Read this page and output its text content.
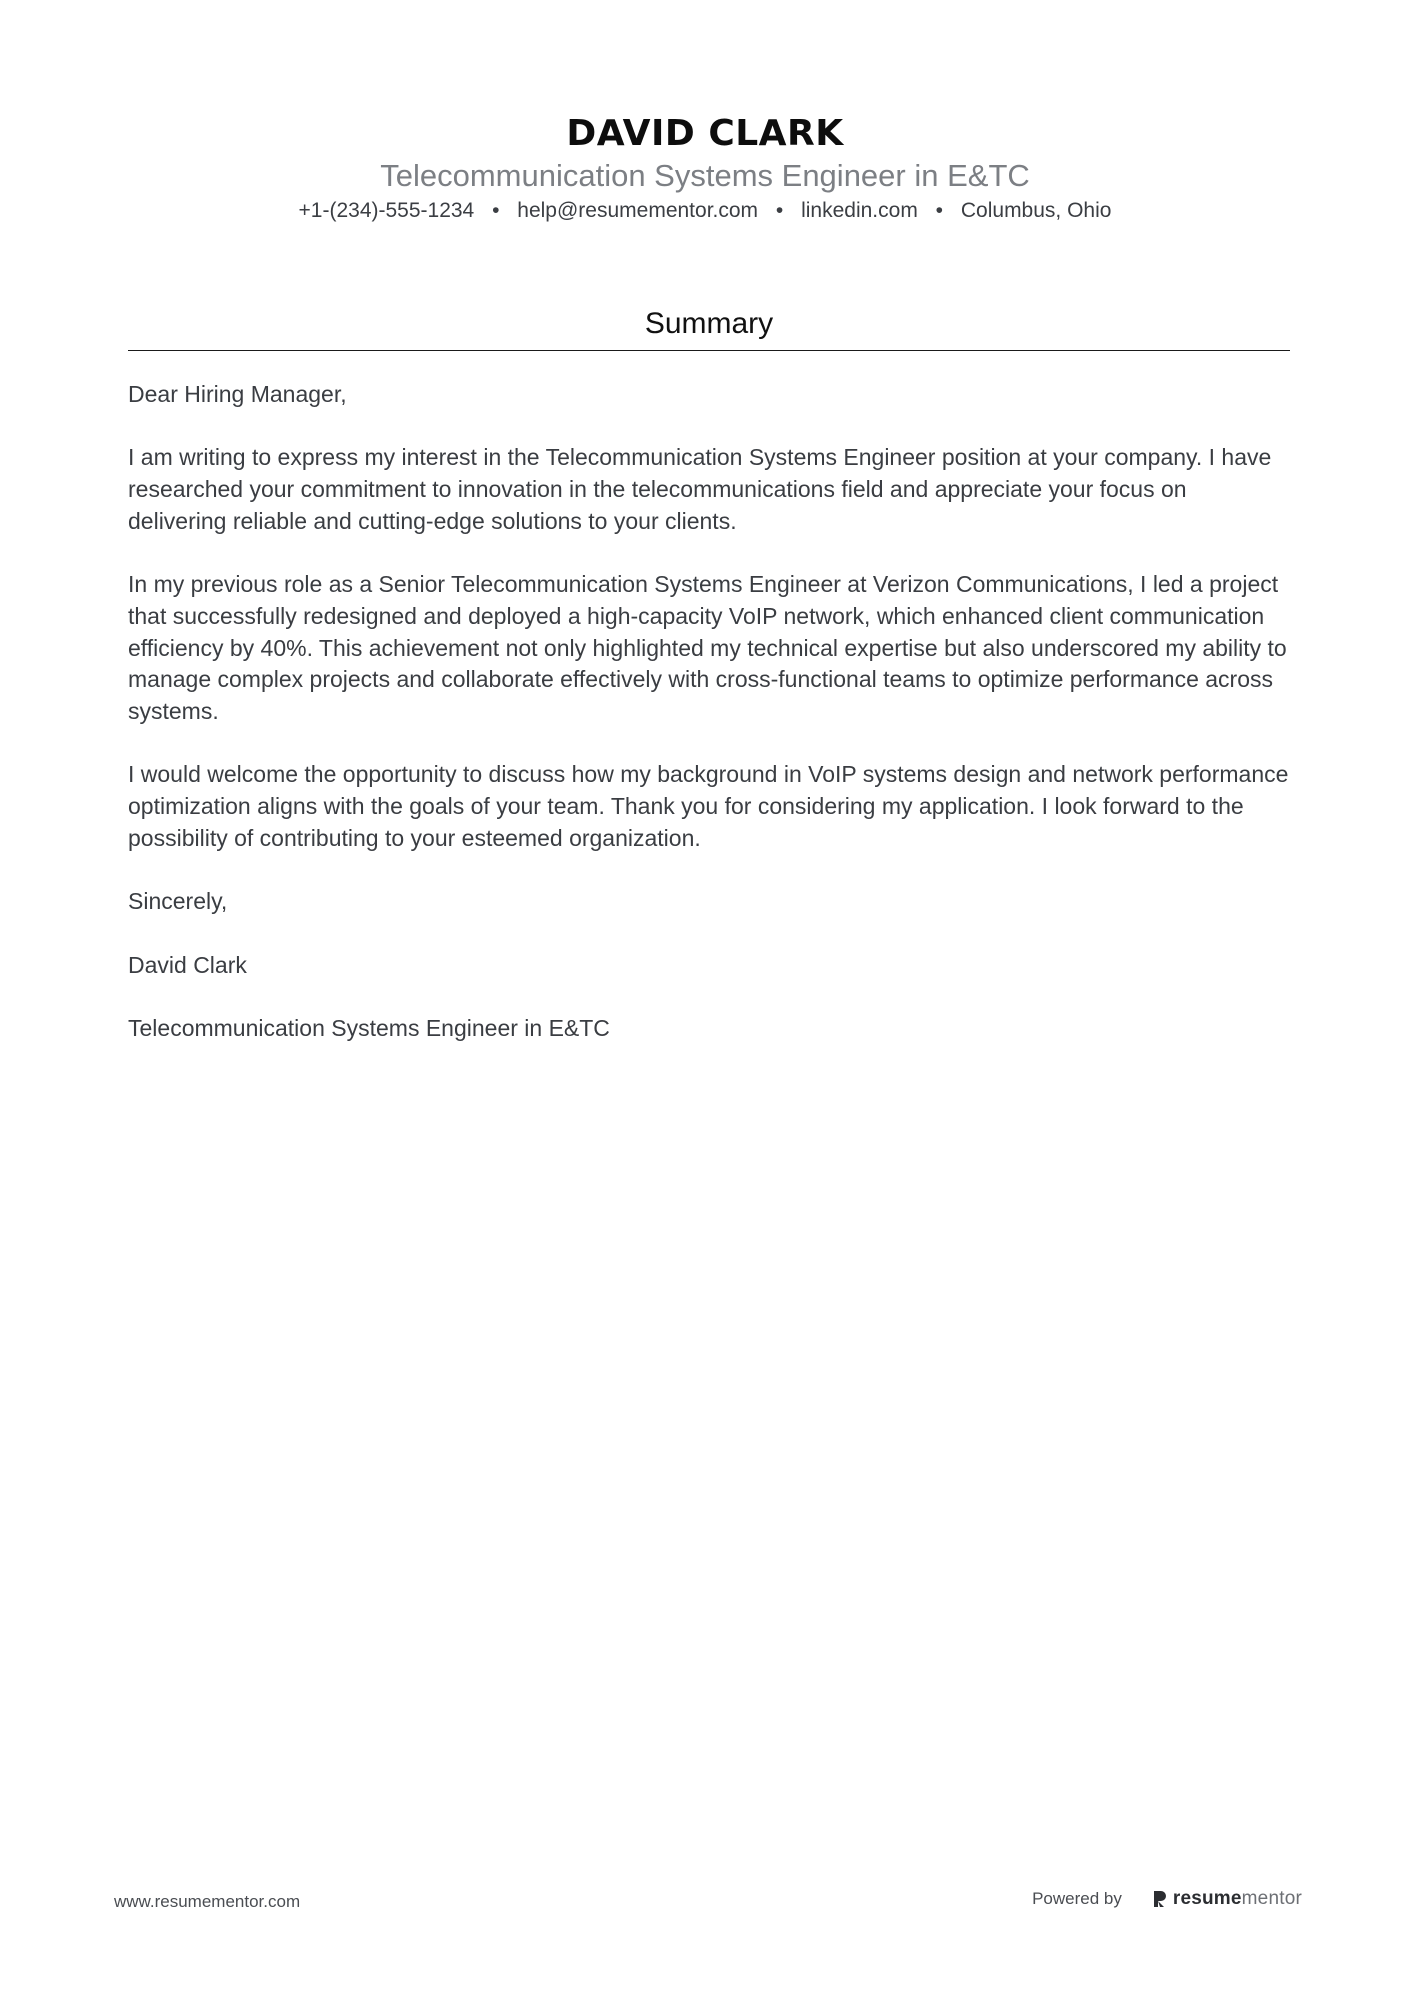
DAVID CLARK
Telecommunication Systems Engineer in E&TC
+1-(234)-555-1234 • help@resumementor.com • linkedin.com • Columbus, Ohio
Summary

Dear Hiring Manager,

I am writing to express my interest in the Telecommunication Systems Engineer position at your company. I have researched your commitment to innovation in the telecommunications field and appreciate your focus on delivering reliable and cutting-edge solutions to your clients.

In my previous role as a Senior Telecommunication Systems Engineer at Verizon Communications, I led a project that successfully redesigned and deployed a high-capacity VoIP network, which enhanced client communication efficiency by 40%. This achievement not only highlighted my technical expertise but also underscored my ability to manage complex projects and collaborate effectively with cross-functional teams to optimize performance across systems.

I would welcome the opportunity to discuss how my background in VoIP systems design and network performance optimization aligns with the goals of your team. Thank you for considering my application. I look forward to the possibility of contributing to your esteemed organization.

Sincerely,

David Clark

Telecommunication Systems Engineer in E&TC

www.resumementor.com	Powered by	resumementor
